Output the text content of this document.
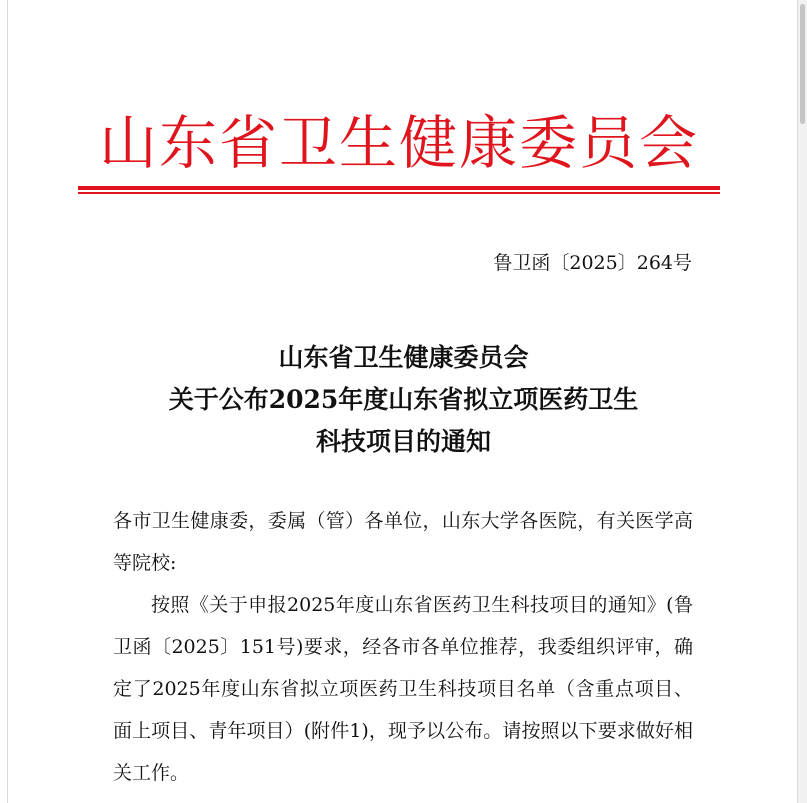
山东省卫生健康委员会
鲁卫函〔2025〕264号
山东省卫生健康委员会
关于公布2025年度山东省拟立项医药卫生
科技项目的通知

各市卫生健康委，委属（管）各单位，山东大学各医院，有关医学高等院校:

按照《关于申报2025年度山东省医药卫生科技项目的通知》(鲁卫函〔2025〕151号)要求，经各市各单位推荐，我委组织评审，确定了2025年度山东省拟立项医药卫生科技项目名单（含重点项目、面上项目、青年项目）(附件1)，现予以公布。请按照以下要求做好相关工作。
